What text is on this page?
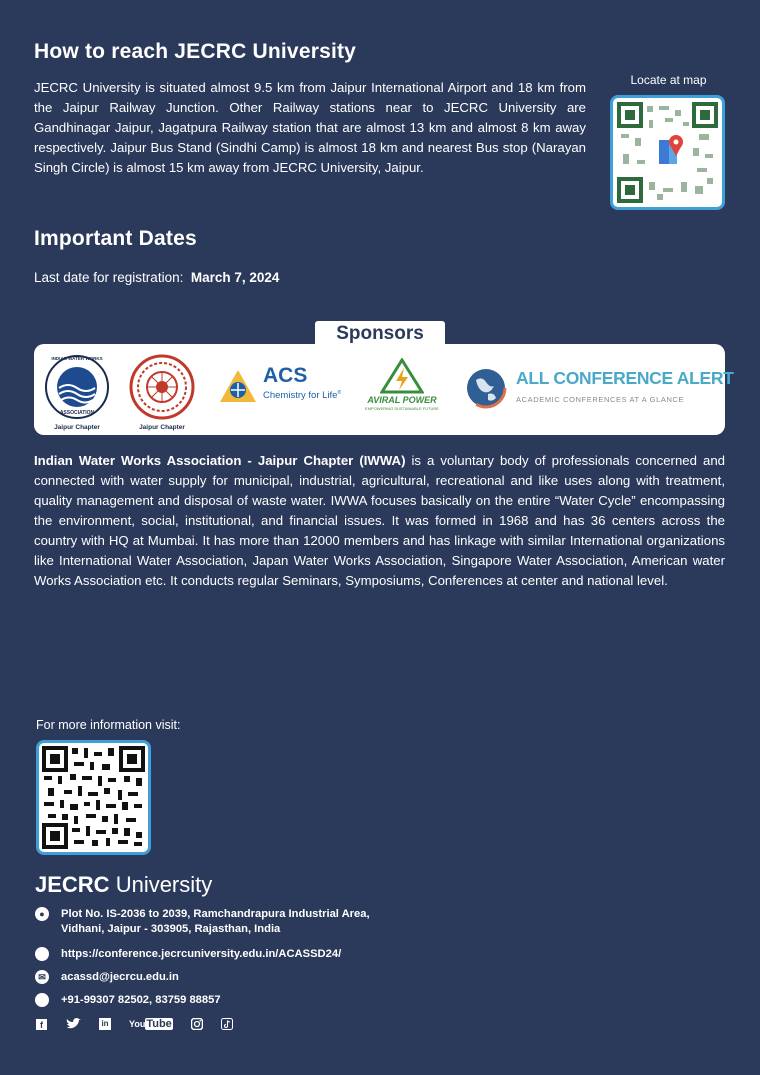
How to reach JECRC University
JECRC University is situated almost 9.5 km from Jaipur International Airport and 18 km from the Jaipur Railway Junction. Other Railway stations near to JECRC University are Gandhinagar Jaipur, Jagatpura Railway station that are almost 13 km and almost 8 km away respectively. Jaipur Bus Stand (Sindhi Camp) is almost 18 km and nearest Bus stop (Narayan Singh Circle) is almost 15 km away from JECRC University, Jaipur.
Locate at map
Important Dates
Last date for registration: March 7, 2024
Sponsors
INDIAN WATER WORKS
ASSOCIATION
Jaipur Chapter	Jaipur Chapter
ACS
Chemistry for Life®
AVIRAL POWER
EMPOWERING SUSTAINABLE FUTURE
ALL CONFERENCE ALERT
ACADEMIC CONFERENCES AT A GLANCE
Indian Water Works Association - Jaipur Chapter (IWWA) is a voluntary body of professionals concerned and connected with water supply for municipal, industrial, agricultural, recreational and like uses along with treatment, quality management and disposal of waste water. IWWA focuses basically on the entire “Water Cycle” encompassing the environment, social, institutional, and financial issues. It was formed in 1968 and has 36 centers across the country with HQ at Mumbai. It has more than 12000 members and has linkage with similar International organizations like International Water Association, Japan Water Works Association, Singapore Water Association, American water Works Association etc. It conducts regular Seminars, Symposiums, Conferences at center and national level.
For more information visit:
JECRC University
●	Plot No. IS-2036 to 2039, Ramchandrapura Industrial Area,
Vidhani, Jaipur - 303905, Rajasthan, India
https://conference.jecrcuniversity.edu.in/ACASSD24/
✉ acassd@jecrcu.edu.in
+91-99307 82502, 83759 88857
f	in YouTube
